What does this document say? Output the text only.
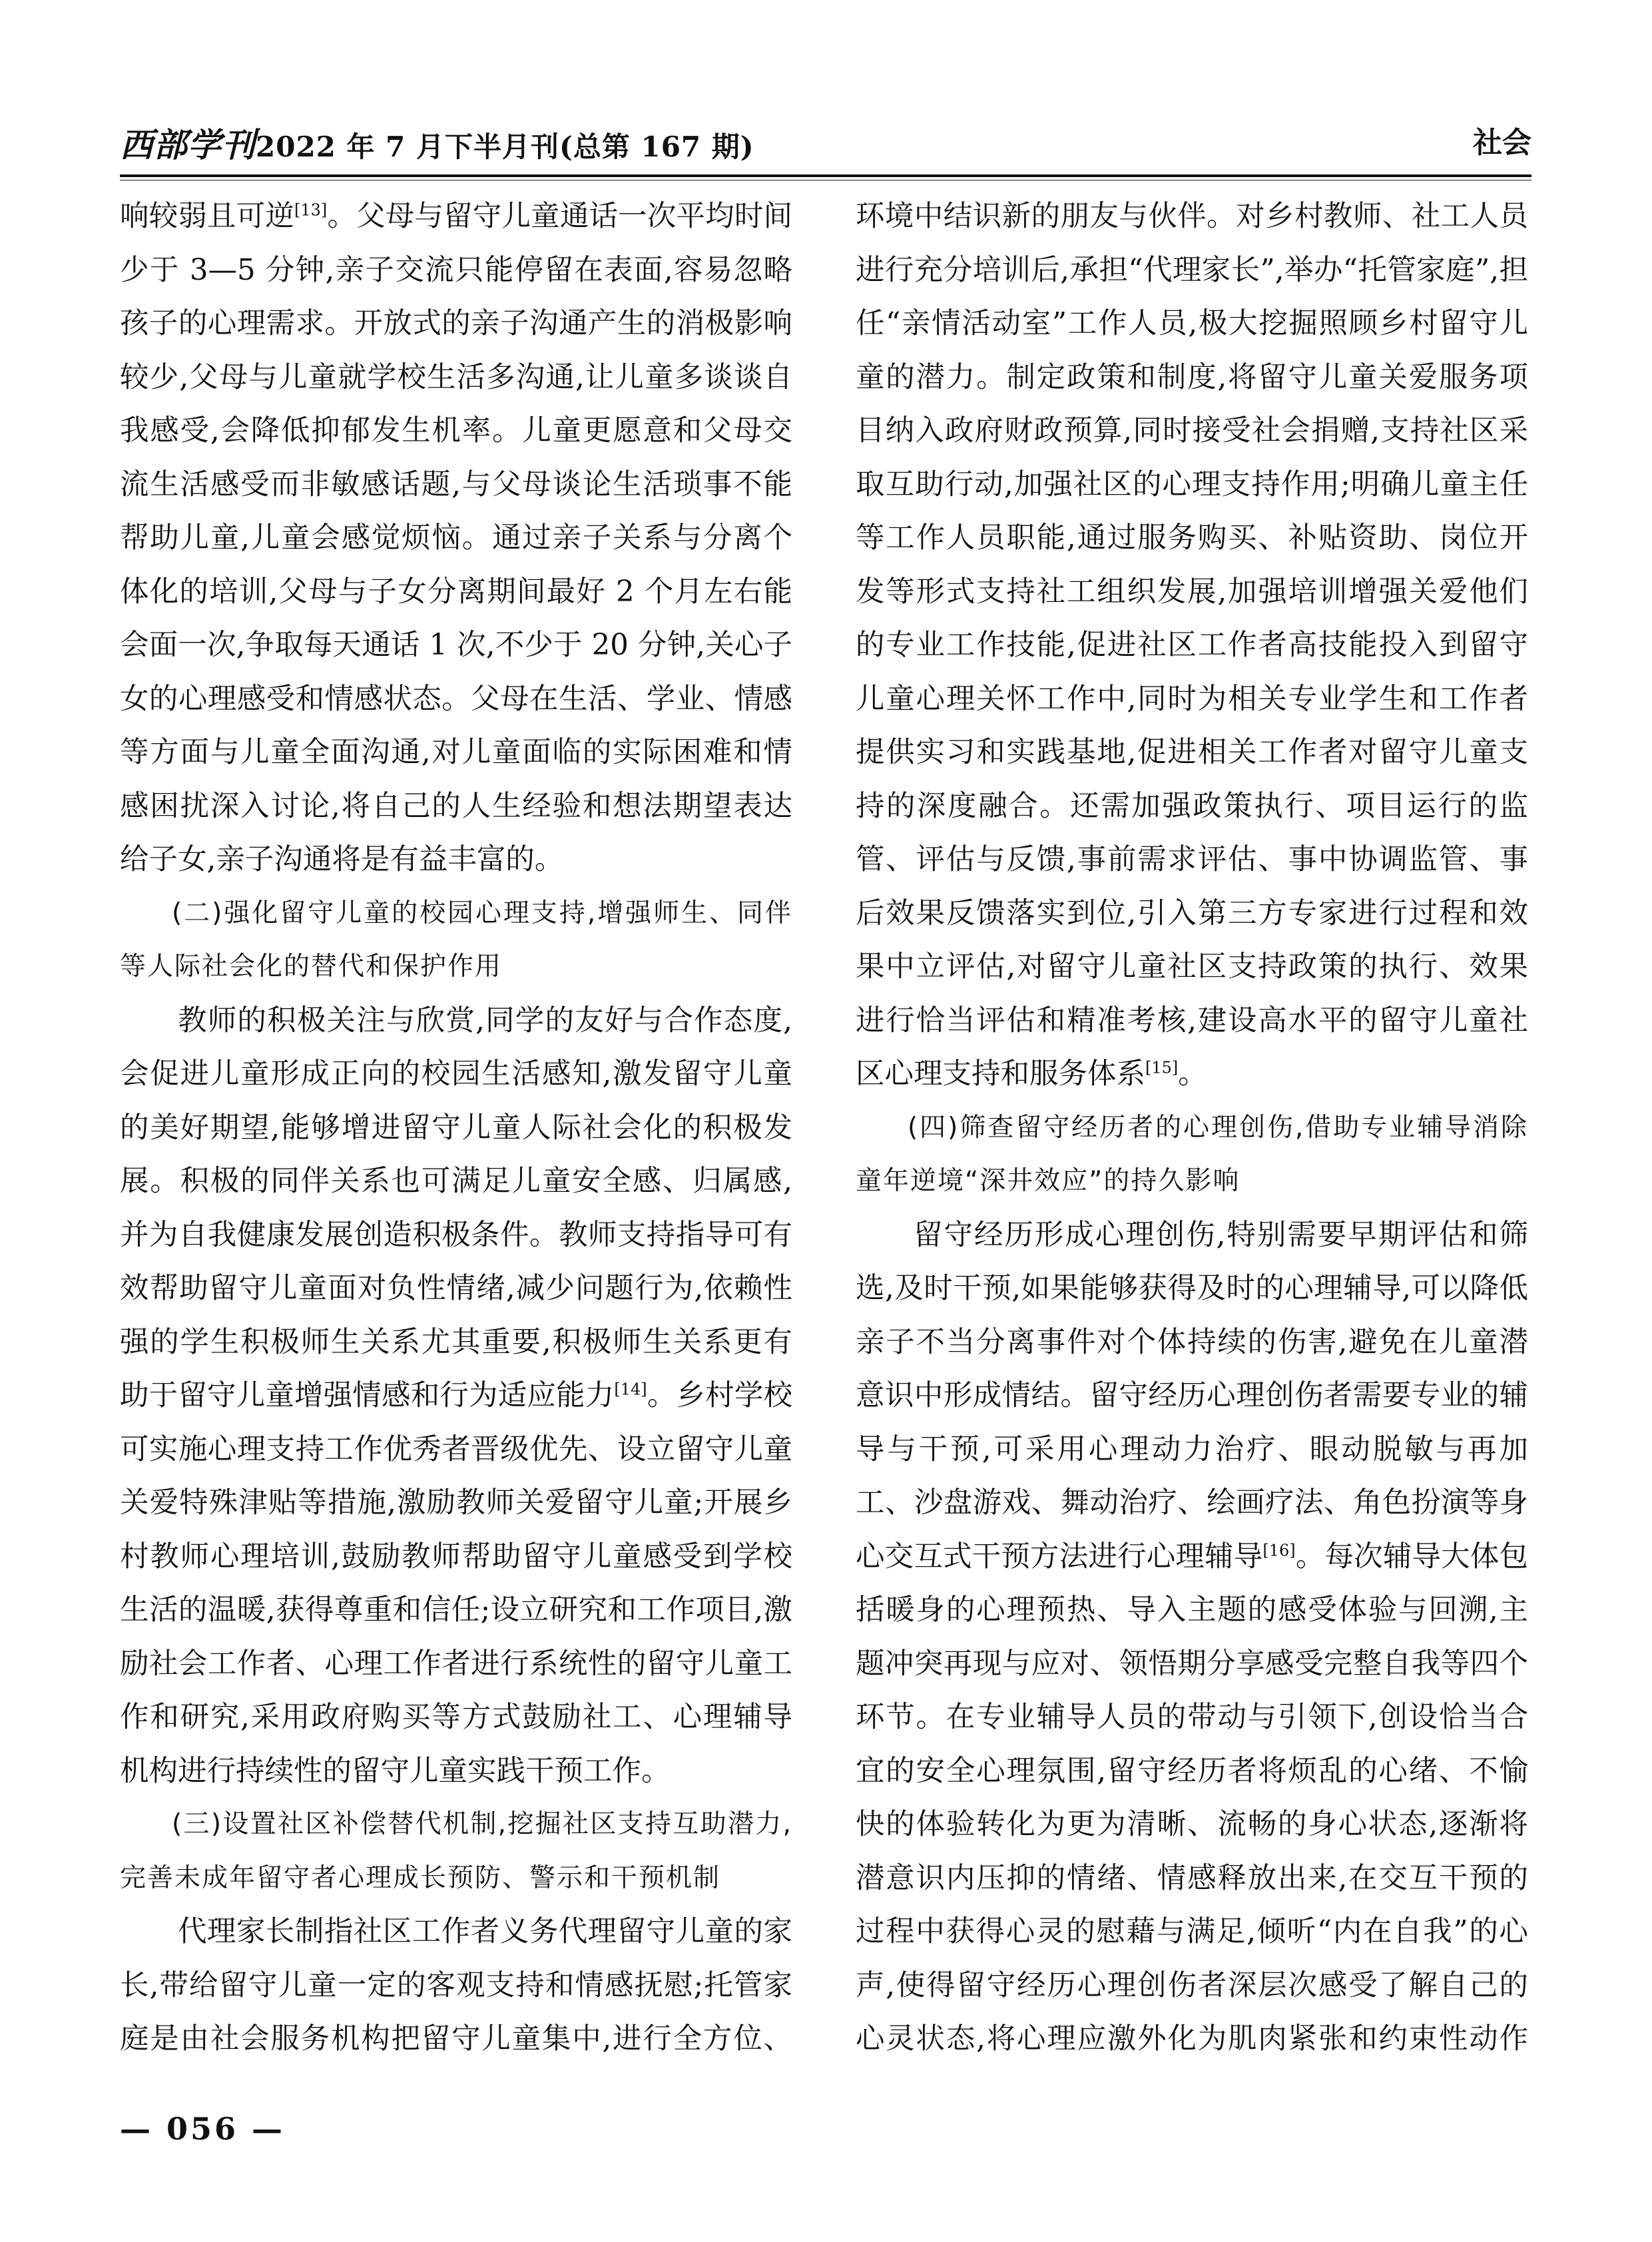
西部学刊2022 年 7 月下半月刊(总第 167 期)	社会

响较弱且可逆[13]。父母与留守儿童通话一次平均时间少于 3—5 分钟,亲子交流只能停留在表面,容易忽略孩子的心理需求。开放式的亲子沟通产生的消极影响较少,父母与儿童就学校生活多沟通,让儿童多谈谈自我感受,会降低抑郁发生机率。儿童更愿意和父母交流生活感受而非敏感话题,与父母谈论生活琐事不能帮助儿童,儿童会感觉烦恼。通过亲子关系与分离个体化的培训,父母与子女分离期间最好 2 个月左右能会面一次,争取每天通话 1 次,不少于 20 分钟,关心子女的心理感受和情感状态。父母在生活、学业、情感等方面与儿童全面沟通,对儿童面临的实际困难和情感困扰深入讨论,将自己的人生经验和想法期望表达给子女,亲子沟通将是有益丰富的。

(二)强化留守儿童的校园心理支持,增强师生、同伴等人际社会化的替代和保护作用

教师的积极关注与欣赏,同学的友好与合作态度,会促进儿童形成正向的校园生活感知,激发留守儿童的美好期望,能够增进留守儿童人际社会化的积极发展。积极的同伴关系也可满足儿童安全感、归属感,并为自我健康发展创造积极条件。教师支持指导可有效帮助留守儿童面对负性情绪,减少问题行为,依赖性强的学生积极师生关系尤其重要,积极师生关系更有助于留守儿童增强情感和行为适应能力[14]。乡村学校可实施心理支持工作优秀者晋级优先、设立留守儿童关爱特殊津贴等措施,激励教师关爱留守儿童;开展乡村教师心理培训,鼓励教师帮助留守儿童感受到学校生活的温暖,获得尊重和信任;设立研究和工作项目,激励社会工作者、心理工作者进行系统性的留守儿童工作和研究,采用政府购买等方式鼓励社工、心理辅导机构进行持续性的留守儿童实践干预工作。

(三)设置社区补偿替代机制,挖掘社区支持互助潜力,完善未成年留守者心理成长预防、警示和干预机制

代理家长制指社区工作者义务代理留守儿童的家长,带给留守儿童一定的客观支持和情感抚慰;托管家庭是由社会服务机构把留守儿童集中,进行全方位、

环境中结识新的朋友与伙伴。对乡村教师、社工人员进行充分培训后,承担“代理家长”,举办“托管家庭”,担任“亲情活动室”工作人员,极大挖掘照顾乡村留守儿童的潜力。制定政策和制度,将留守儿童关爱服务项目纳入政府财政预算,同时接受社会捐赠,支持社区采取互助行动,加强社区的心理支持作用;明确儿童主任等工作人员职能,通过服务购买、补贴资助、岗位开发等形式支持社工组织发展,加强培训增强关爱他们的专业工作技能,促进社区工作者高技能投入到留守儿童心理关怀工作中,同时为相关专业学生和工作者提供实习和实践基地,促进相关工作者对留守儿童支持的深度融合。还需加强政策执行、项目运行的监管、评估与反馈,事前需求评估、事中协调监管、事后效果反馈落实到位,引入第三方专家进行过程和效果中立评估,对留守儿童社区支持政策的执行、效果进行恰当评估和精准考核,建设高水平的留守儿童社区心理支持和服务体系[15]。

(四)筛查留守经历者的心理创伤,借助专业辅导消除童年逆境“深井效应”的持久影响

留守经历形成心理创伤,特别需要早期评估和筛选,及时干预,如果能够获得及时的心理辅导,可以降低亲子不当分离事件对个体持续的伤害,避免在儿童潜意识中形成情结。留守经历心理创伤者需要专业的辅导与干预,可采用心理动力治疗、眼动脱敏与再加工、沙盘游戏、舞动治疗、绘画疗法、角色扮演等身心交互式干预方法进行心理辅导[16]。每次辅导大体包括暖身的心理预热、导入主题的感受体验与回溯,主题冲突再现与应对、领悟期分享感受完整自我等四个环节。在专业辅导人员的带动与引领下,创设恰当合宜的安全心理氛围,留守经历者将烦乱的心绪、不愉快的体验转化为更为清晰、流畅的身心状态,逐渐将潜意识内压抑的情绪、情感释放出来,在交互干预的过程中获得心灵的慰藉与满足,倾听“内在自我”的心声,使得留守经历心理创伤者深层次感受了解自己的心灵状态,将心理应激外化为肌肉紧张和约束性动作

— 056 —
